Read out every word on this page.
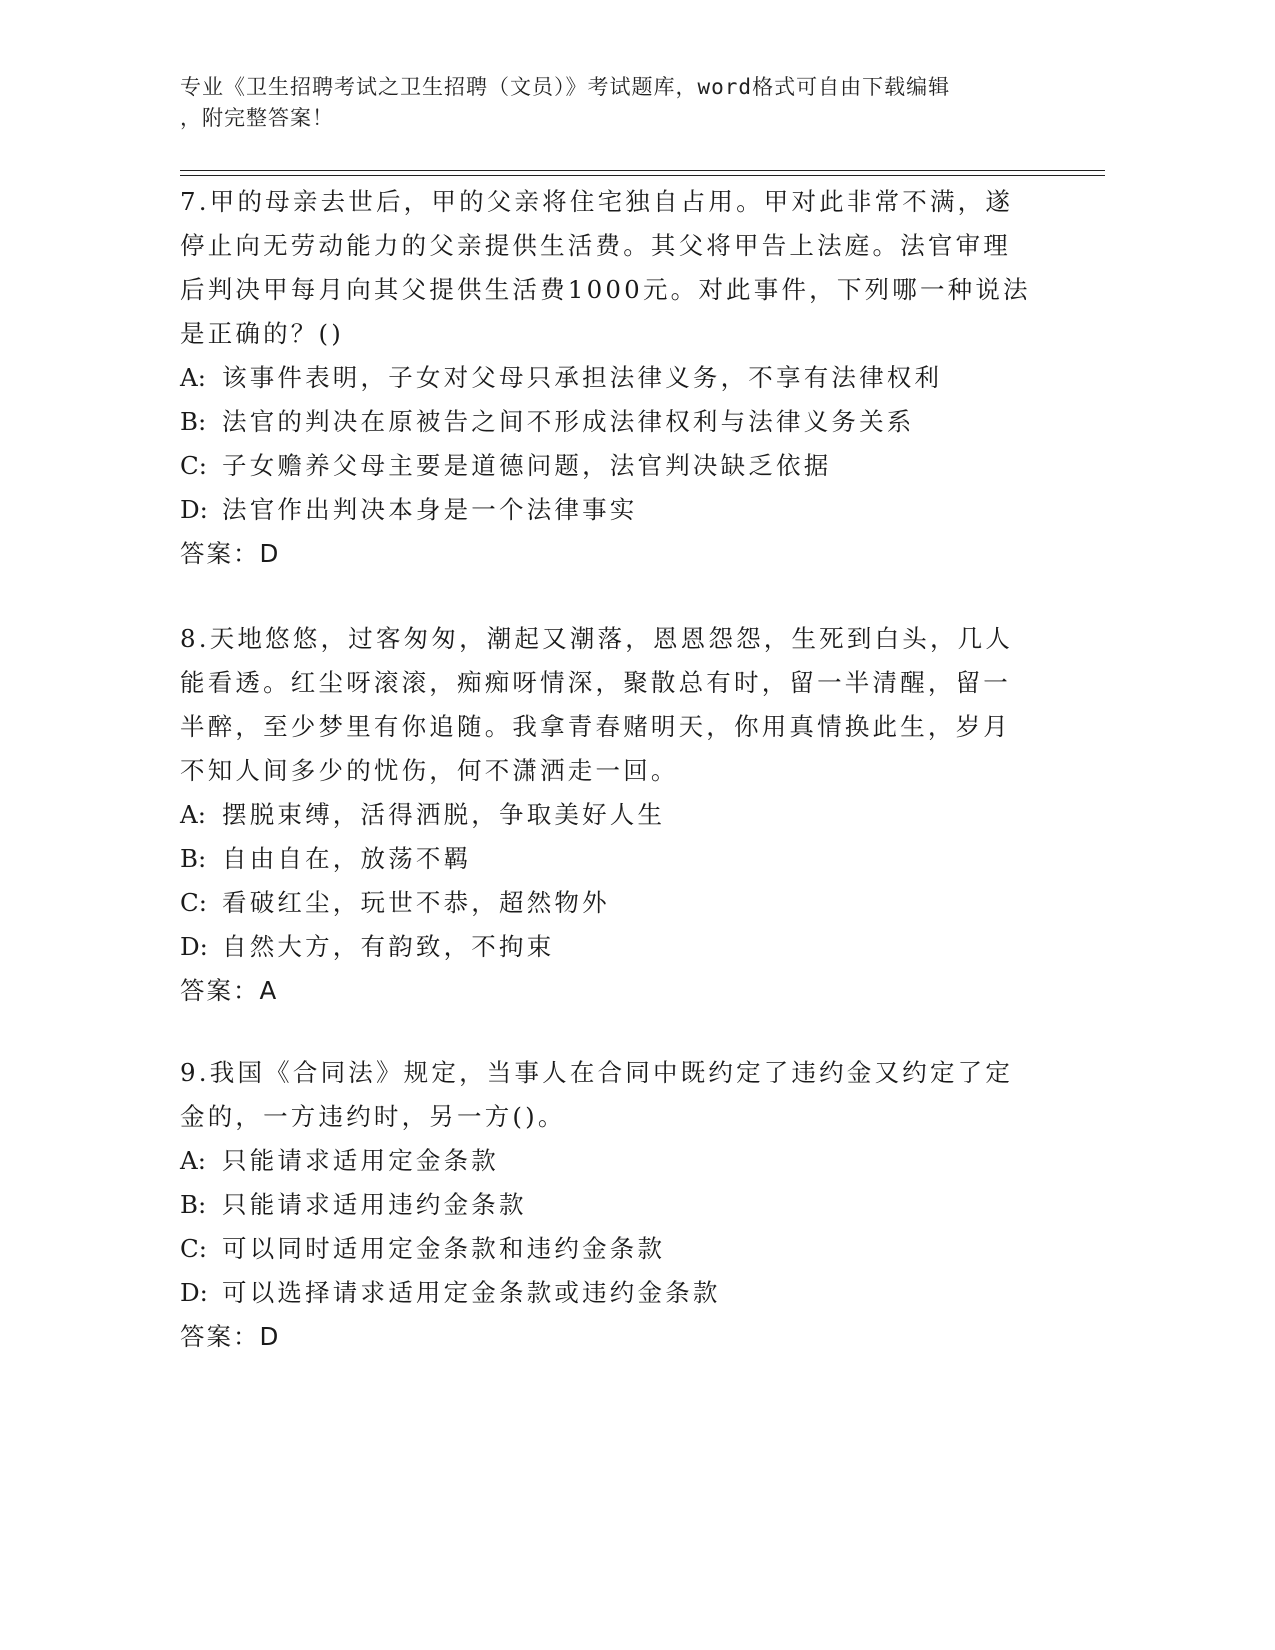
专业《卫生招聘考试之卫生招聘（文员）》考试题库，word格式可自由下载编辑
，附完整答案！
7.甲的母亲去世后，甲的父亲将住宅独自占用。甲对此非常不满，遂
停止向无劳动能力的父亲提供生活费。其父将甲告上法庭。法官审理
后判决甲每月向其父提供生活费1000元。对此事件，下列哪一种说法
是正确的？()

A: 该事件表明，子女对父母只承担法律义务，不享有法律权利

B: 法官的判决在原被告之间不形成法律权利与法律义务关系

C: 子女赡养父母主要是道德问题，法官判决缺乏依据

D: 法官作出判决本身是一个法律事实

答案：D

8.天地悠悠，过客匆匆，潮起又潮落，恩恩怨怨，生死到白头，几人
能看透。红尘呀滚滚，痴痴呀情深，聚散总有时，留一半清醒，留一
半醉，至少梦里有你追随。我拿青春赌明天，你用真情换此生，岁月
不知人间多少的忧伤，何不潇洒走一回。

A: 摆脱束缚，活得洒脱，争取美好人生

B: 自由自在，放荡不羁

C: 看破红尘，玩世不恭，超然物外

D: 自然大方，有韵致，不拘束

答案：A

9.我国《合同法》规定，当事人在合同中既约定了违约金又约定了定
金的，一方违约时，另一方()。

A: 只能请求适用定金条款

B: 只能请求适用违约金条款

C: 可以同时适用定金条款和违约金条款

D: 可以选择请求适用定金条款或违约金条款

答案：D
